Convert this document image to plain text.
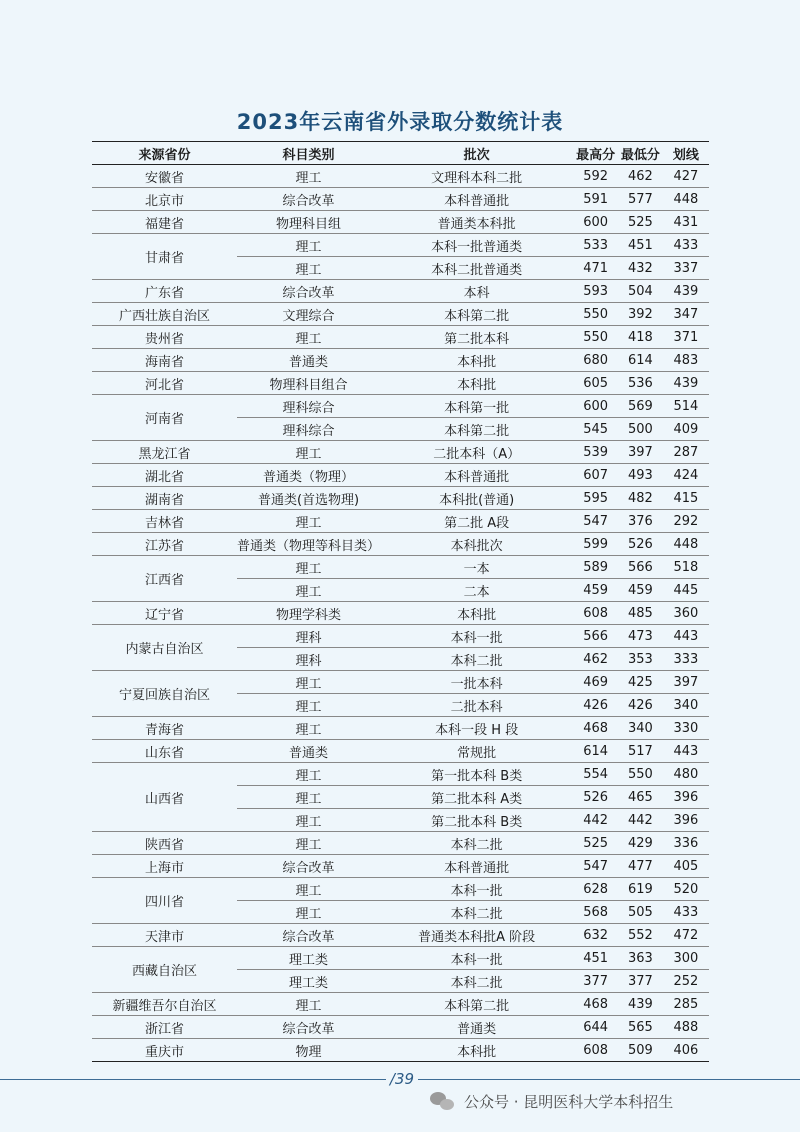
2023年云南省外录取分数统计表
来源省份	科目类别	批次	最高分	最低分	划线
安徽省	理工	文理科本科二批	592	462	427
北京市	综合改革	本科普通批	591	577	448
福建省	物理科目组	普通类本科批	600	525	431
甘肃省	理工	本科一批普通类	533	451	433
	理工	本科二批普通类	471	432	337
广东省	综合改革	本科	593	504	439
广西壮族自治区	文理综合	本科第二批	550	392	347
贵州省	理工	第二批本科	550	418	371
海南省	普通类	本科批	680	614	483
河北省	物理科目组合	本科批	605	536	439
河南省	理科综合	本科第一批	600	569	514
	理科综合	本科第二批	545	500	409
黑龙江省	理工	二批本科（A）	539	397	287
湖北省	普通类（物理）	本科普通批	607	493	424
湖南省	普通类(首选物理)	本科批(普通)	595	482	415
吉林省	理工	第二批 A段	547	376	292
江苏省	普通类（物理等科目类）	本科批次	599	526	448
江西省	理工	一本	589	566	518
	理工	二本	459	459	445
辽宁省	物理学科类	本科批	608	485	360
内蒙古自治区	理科	本科一批	566	473	443
	理科	本科二批	462	353	333
宁夏回族自治区	理工	一批本科	469	425	397
	理工	二批本科	426	426	340
青海省	理工	本科一段 H 段	468	340	330
山东省	普通类	常规批	614	517	443
山西省	理工	第一批本科 B类	554	550	480
	理工	第二批本科 A类	526	465	396
	理工	第二批本科 B类	442	442	396
陕西省	理工	本科二批	525	429	336
上海市	综合改革	本科普通批	547	477	405
四川省	理工	本科一批	628	619	520
	理工	本科二批	568	505	433
天津市	综合改革	普通类本科批A 阶段	632	552	472
西藏自治区	理工类	本科一批	451	363	300
	理工类	本科二批	377	377	252
新疆维吾尔自治区	理工	本科第二批	468	439	285
浙江省	综合改革	普通类	644	565	488
重庆市	物理	本科批	608	509	406
/39
公众号 · 昆明医科大学本科招生
